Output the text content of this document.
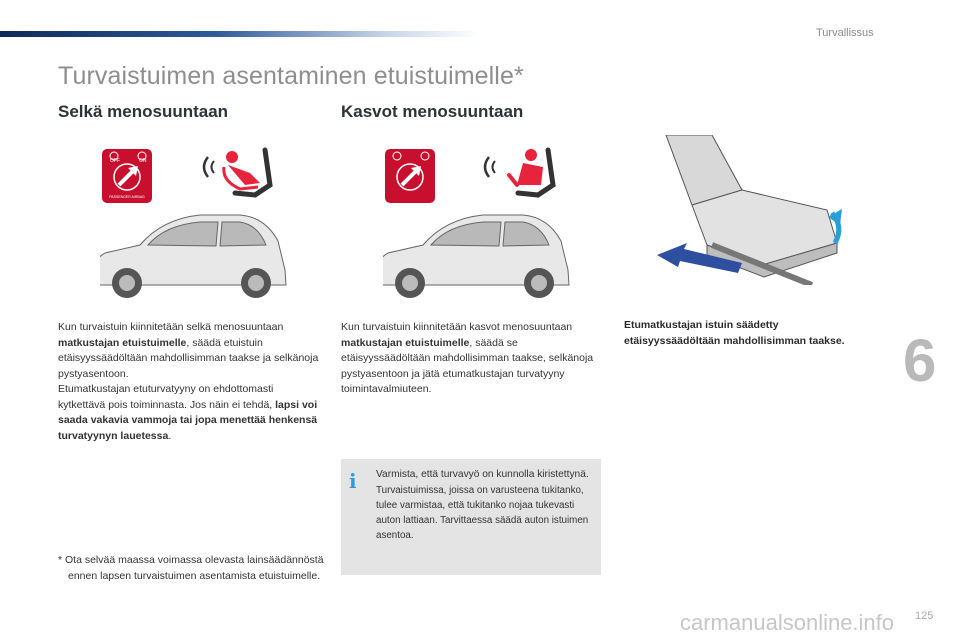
Turvallissus
Turvaistuimen asentaminen etuistuimelle*
Selkä menosuuntaan	Kasvot menosuuntaan
OFF	ON
PASSENGER AIRBAG
Kun turvaistuin kiinnitetään selkä menosuuntaan matkustajan etuistuimelle, säädä etuistuin etäisyyssäädöltään mahdollisimman taakse ja selkänoja pystyasentoon.
Etumatkustajan etuturvatyyny on ehdottomasti kytkettävä pois toiminnasta. Jos näin ei tehdä, lapsi voi saada vakavia vammoja tai jopa menettää henkensä turvatyynyn lauetessa.
Kun turvaistuin kiinnitetään kasvot menosuuntaan matkustajan etuistuimelle, säädä se etäisyyssäädöltään mahdollisimman taakse, selkänoja pystyasentoon ja jätä etumatkustajan turvatyyny toimintavalmiuteen.
Etumatkustajan istuin säädetty etäisyyssäädöltään mahdollisimman taakse.
i Varmista, että turvavyö on kunnolla kiristettynä.
Turvaistuimissa, joissa on varusteena tukitanko, tulee varmistaa, että tukitanko nojaa tukevasti auton lattiaan. Tarvittaessa säädä auton istuimen asentoa.
* Ota selvää maassa voimassa olevasta lainsäädännöstä ennen lapsen turvaistuimen asentamista etuistuimelle.
6
carmanualsonline.info 125
